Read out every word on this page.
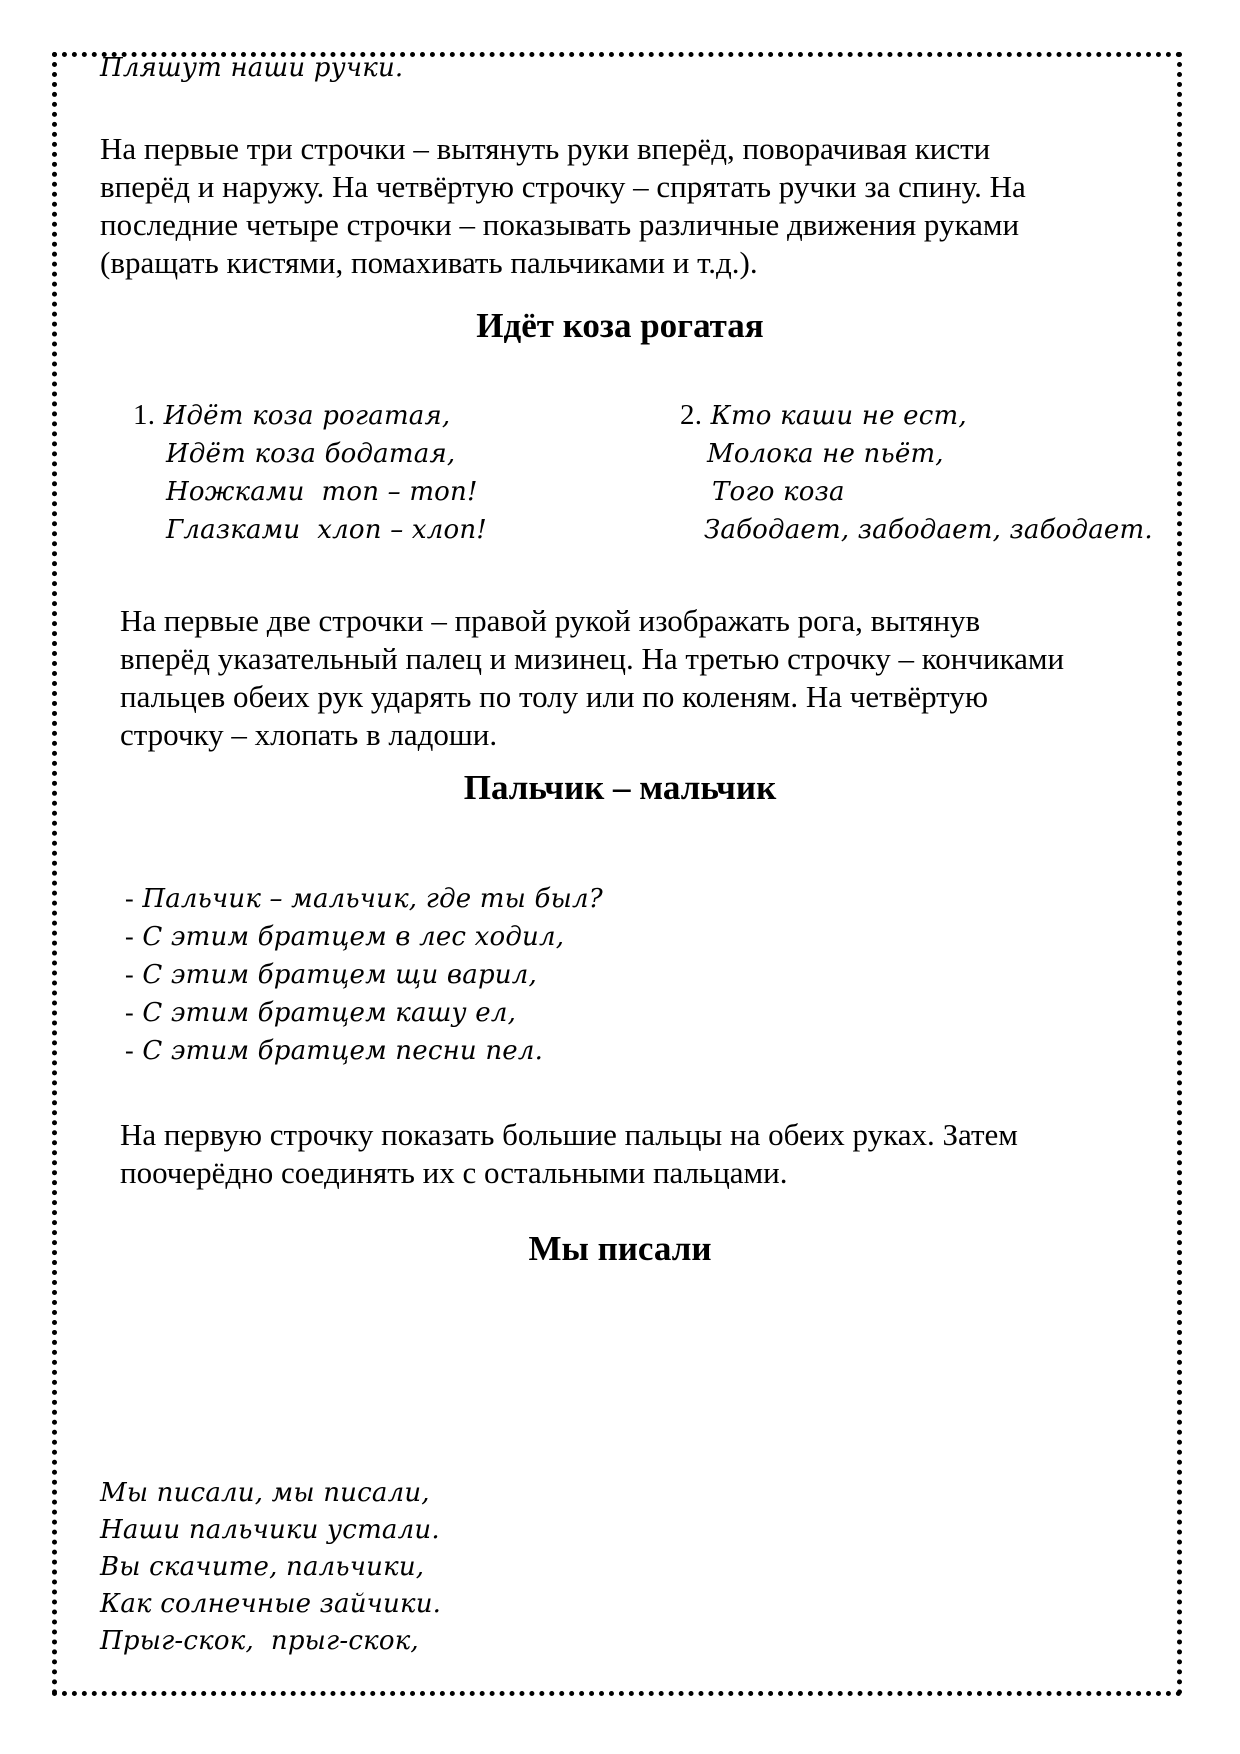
Пляшут наши ручки.
На первые три строчки – вытянуть руки вперёд, поворачивая кисти
вперёд и наружу. На четвёртую строчку – спрятать ручки за спину. На
последние четыре строчки – показывать различные движения руками
(вращать кистями, помахивать пальчиками и т.д.).
Идёт коза рогатая
1. Идёт коза рогатая,
Идёт коза бодатая,
Ножками  топ – топ!
Глазками  хлоп – хлоп!
2. Кто каши не ест,
Молока не пьёт,
Того коза
Забодает, забодает, забодает.
На первые две строчки – правой рукой изображать рога, вытянув
вперёд указательный палец и мизинец. На третью строчку – кончиками
пальцев обеих рук ударять по толу или по коленям. На четвёртую
строчку – хлопать в ладоши.
Пальчик – мальчик
- Пальчик – мальчик, где ты был?
- С этим братцем в лес ходил,
- С этим братцем щи варил,
- С этим братцем кашу ел,
- С этим братцем песни пел.
На первую строчку показать большие пальцы на обеих руках. Затем
поочерёдно соединять их с остальными пальцами.
Мы писали
Мы писали, мы писали,
Наши пальчики устали.
Вы скачите, пальчики,
Как солнечные зайчики.
Прыг-скок,  прыг-скок,
